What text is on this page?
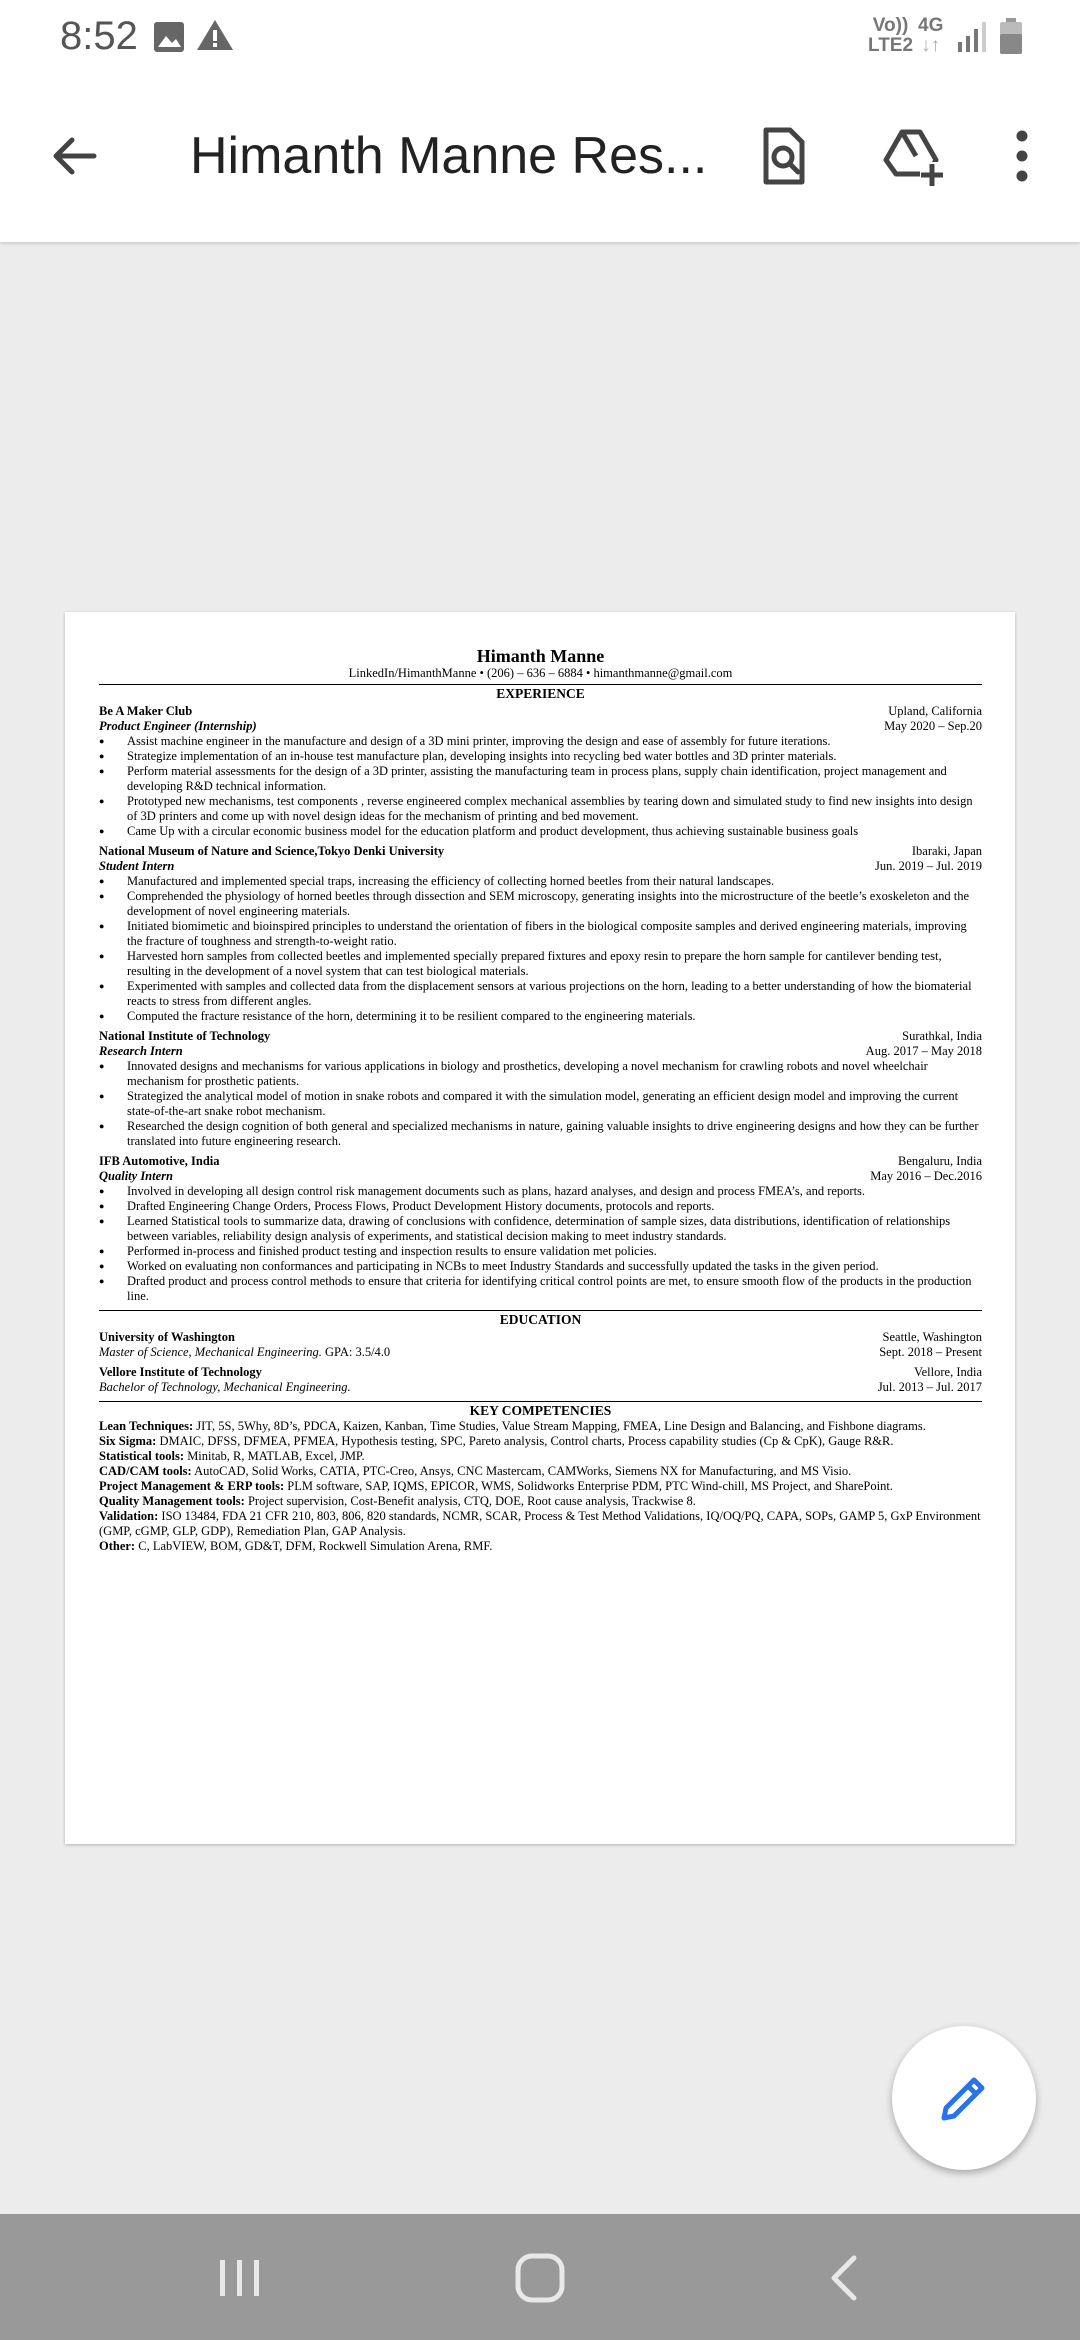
8:52	Vo))
LTE2
4G
↓↑
Himanth Manne Res...
Himanth Manne
LinkedIn/HimanthManne • (206) – 636 – 6884 • himanthmanne@gmail.com
EXPERIENCE
Be A Maker Club	Upland, California
Product Engineer (Internship)	May 2020 – Sep.20
● Assist machine engineer in the manufacture and design of a 3D mini printer, improving the design and ease of assembly for future iterations.
● Strategize implementation of an in-house test manufacture plan, developing insights into recycling bed water bottles and 3D printer materials.
● Perform material assessments for the design of a 3D printer, assisting the manufacturing team in process plans, supply chain identification, project management and developing R&D technical information.
● Prototyped new mechanisms, test components , reverse engineered complex mechanical assemblies by tearing down and simulated study to find new insights into design of 3D printers and come up with novel design ideas for the mechanism of printing and bed movement.
● Came Up with a circular economic business model for the education platform and product development, thus achieving sustainable business goals
National Museum of Nature and Science,Tokyo Denki University	Ibaraki, Japan
Student Intern	Jun. 2019 – Jul. 2019
● Manufactured and implemented special traps, increasing the efficiency of collecting horned beetles from their natural landscapes.
● Comprehended the physiology of horned beetles through dissection and SEM microscopy, generating insights into the microstructure of the beetle’s exoskeleton and the development of novel engineering materials.
● Initiated biomimetic and bioinspired principles to understand the orientation of fibers in the biological composite samples and derived engineering materials, improving the fracture of toughness and strength-to-weight ratio.
● Harvested horn samples from collected beetles and implemented specially prepared fixtures and epoxy resin to prepare the horn sample for cantilever bending test, resulting in the development of a novel system that can test biological materials.
● Experimented with samples and collected data from the displacement sensors at various projections on the horn, leading to a better understanding of how the biomaterial reacts to stress from different angles.
● Computed the fracture resistance of the horn, determining it to be resilient compared to the engineering materials.
National Institute of Technology	Surathkal, India
Research Intern	Aug. 2017 – May 2018
● Innovated designs and mechanisms for various applications in biology and prosthetics, developing a novel mechanism for crawling robots and novel wheelchair mechanism for prosthetic patients.
● Strategized the analytical model of motion in snake robots and compared it with the simulation model, generating an efficient design model and improving the current state-of-the-art snake robot mechanism.
● Researched the design cognition of both general and specialized mechanisms in nature, gaining valuable insights to drive engineering designs and how they can be further translated into future engineering research.
IFB Automotive, India	Bengaluru, India
Quality Intern	May 2016 – Dec.2016
● Involved in developing all design control risk management documents such as plans, hazard analyses, and design and process FMEA’s, and reports.
● Drafted Engineering Change Orders, Process Flows, Product Development History documents, protocols and reports.
● Learned Statistical tools to summarize data, drawing of conclusions with confidence, determination of sample sizes, data distributions, identification of relationships between variables, reliability design analysis of experiments, and statistical decision making to meet industry standards.
● Performed in-process and finished product testing and inspection results to ensure validation met policies.
● Worked on evaluating non conformances and participating in NCBs to meet Industry Standards and successfully updated the tasks in the given period.
● Drafted product and process control methods to ensure that criteria for identifying critical control points are met, to ensure smooth flow of the products in the production line.
EDUCATION
University of Washington	Seattle, Washington
Master of Science, Mechanical Engineering. GPA: 3.5/4.0	Sept. 2018 – Present
Vellore Institute of Technology	Vellore, India
Bachelor of Technology, Mechanical Engineering.	Jul. 2013 – Jul. 2017
KEY COMPETENCIES
Lean Techniques: JIT, 5S, 5Why, 8D’s, PDCA, Kaizen, Kanban, Time Studies, Value Stream Mapping, FMEA, Line Design and Balancing, and Fishbone diagrams.
Six Sigma: DMAIC, DFSS, DFMEA, PFMEA, Hypothesis testing, SPC, Pareto analysis, Control charts, Process capability studies (Cp & CpK), Gauge R&R.
Statistical tools: Minitab, R, MATLAB, Excel, JMP.
CAD/CAM tools: AutoCAD, Solid Works, CATIA, PTC-Creo, Ansys, CNC Mastercam, CAMWorks, Siemens NX for Manufacturing, and MS Visio.
Project Management & ERP tools: PLM software, SAP, IQMS, EPICOR, WMS, Solidworks Enterprise PDM, PTC Wind-chill, MS Project, and SharePoint.
Quality Management tools: Project supervision, Cost-Benefit analysis, CTQ, DOE, Root cause analysis, Trackwise 8.
Validation: ISO 13484, FDA 21 CFR 210, 803, 806, 820 standards, NCMR, SCAR, Process & Test Method Validations, IQ/OQ/PQ, CAPA, SOPs, GAMP 5, GxP Environment (GMP, cGMP, GLP, GDP), Remediation Plan, GAP Analysis.
Other: C, LabVIEW, BOM, GD&T, DFM, Rockwell Simulation Arena, RMF.
